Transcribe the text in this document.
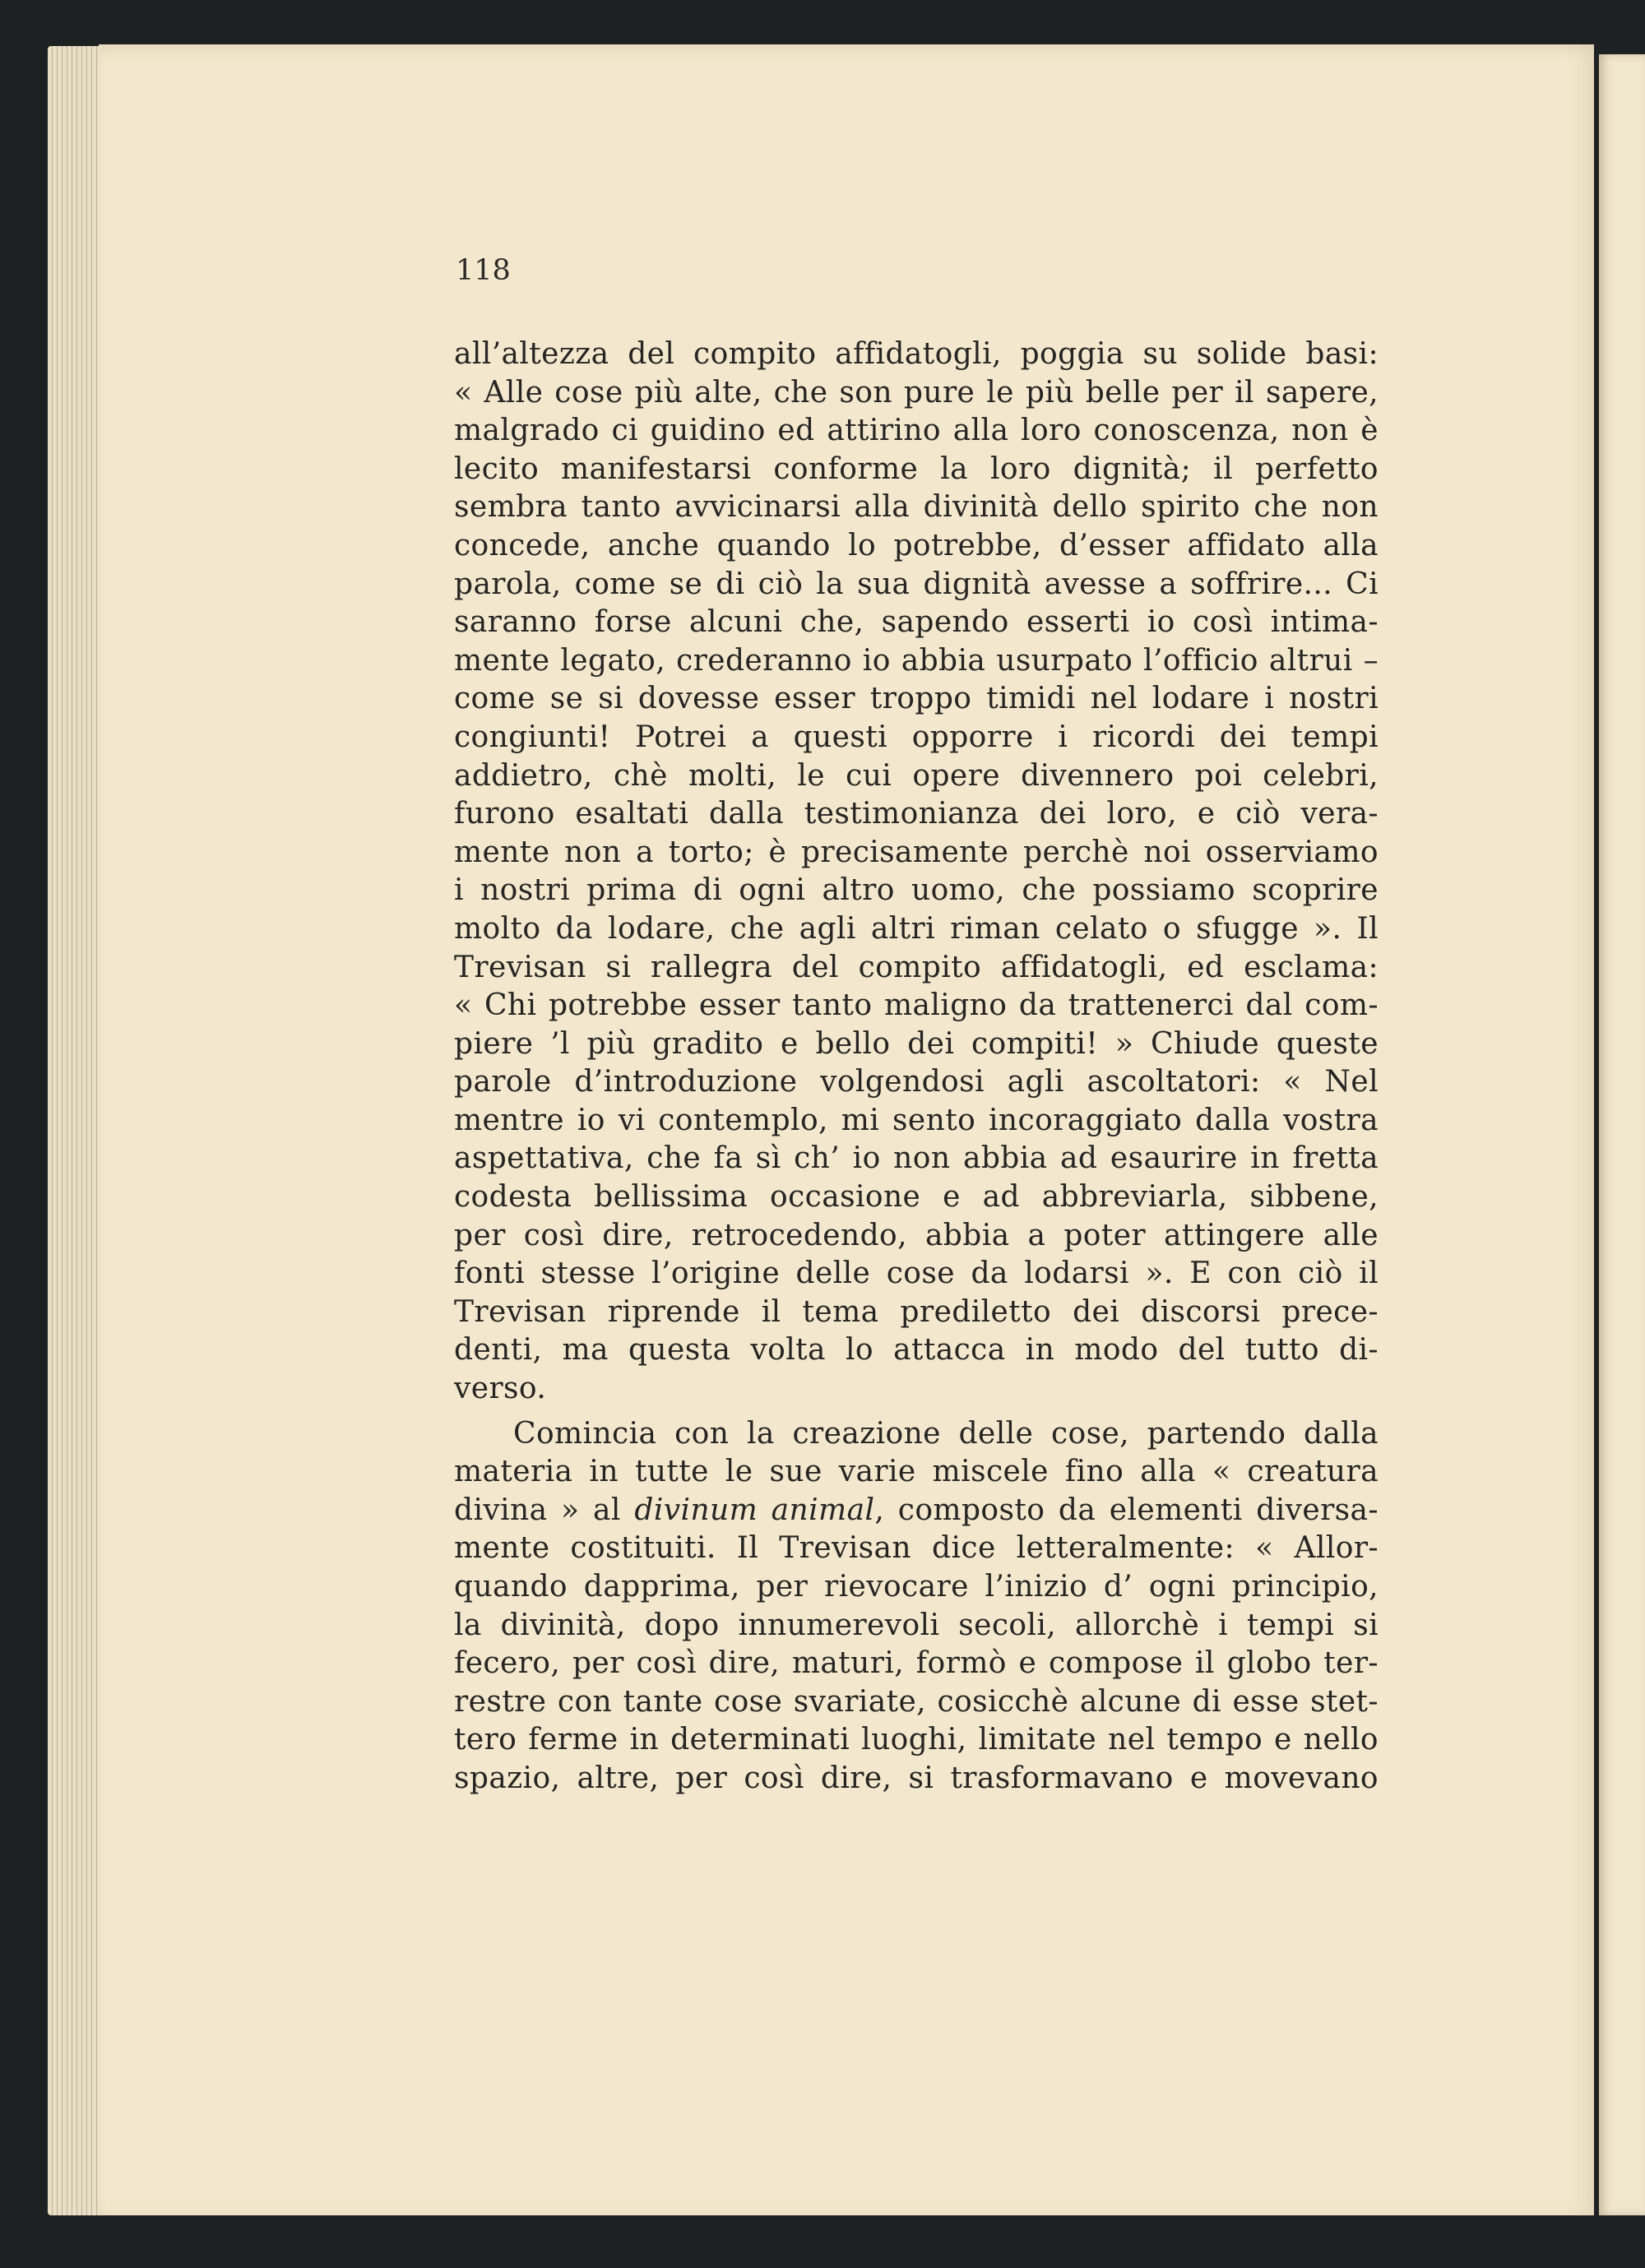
118

all’altezza del compito affidatogli, poggia su solide basi:
« Alle cose più alte, che son pure le più belle per il sapere,
malgrado ci guidino ed attirino alla loro conoscenza, non è
lecito manifestarsi conforme la loro dignità; il perfetto
sembra tanto avvicinarsi alla divinità dello spirito che non
concede, anche quando lo potrebbe, d’esser affidato alla
parola, come se di ciò la sua dignità avesse a soffrire... Ci
saranno forse alcuni che, sapendo esserti io così intima-
mente legato, crederanno io abbia usurpato l’officio altrui –
come se si dovesse esser troppo timidi nel lodare i nostri
congiunti! Potrei a questi opporre i ricordi dei tempi
addietro, chè molti, le cui opere divennero poi celebri,
furono esaltati dalla testimonianza dei loro, e ciò vera-
mente non a torto; è precisamente perchè noi osserviamo
i nostri prima di ogni altro uomo, che possiamo scoprire
molto da lodare, che agli altri riman celato o sfugge ». Il
Trevisan si rallegra del compito affidatogli, ed esclama:
« Chi potrebbe esser tanto maligno da trattenerci dal com-
piere ’l più gradito e bello dei compiti! » Chiude queste
parole d’introduzione volgendosi agli ascoltatori: « Nel
mentre io vi contemplo, mi sento incoraggiato dalla vostra
aspettativa, che fa sì ch’ io non abbia ad esaurire in fretta
codesta bellissima occasione e ad abbreviarla, sibbene,
per così dire, retrocedendo, abbia a poter attingere alle
fonti stesse l’origine delle cose da lodarsi ». E con ciò il
Trevisan riprende il tema prediletto dei discorsi prece-
denti, ma questa volta lo attacca in modo del tutto di-
verso.
Comincia con la creazione delle cose, partendo dalla
materia in tutte le sue varie miscele fino alla « creatura
divina » al divinum animal, composto da elementi diversa-
mente costituiti. Il Trevisan dice letteralmente: « Allor-
quando dapprima, per rievocare l’inizio d’ ogni principio,
la divinità, dopo innumerevoli secoli, allorchè i tempi si
fecero, per così dire, maturi, formò e compose il globo ter-
restre con tante cose svariate, cosicchè alcune di esse stet-
tero ferme in determinati luoghi, limitate nel tempo e nello
spazio, altre, per così dire, si trasformavano e movevano
